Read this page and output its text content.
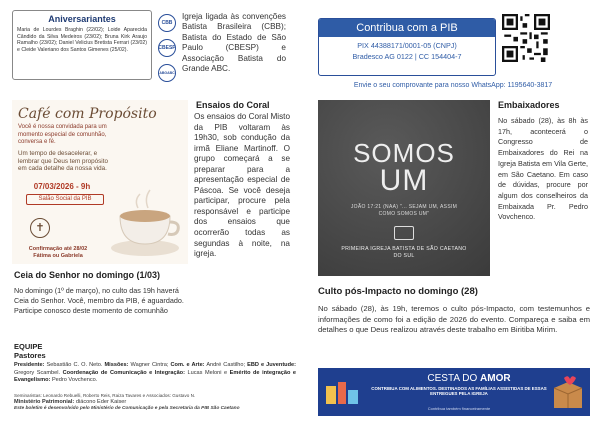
Aniversariantes
Maria de Lourdes Braghin (22/02); Loide Aparecida Cândido da Silva Medeiros (23/02); Bruna Kirk Araujo Ramalho (23/02); Daniel Velicius Bretista Ferrari (23/02) e Cleide Valeriano dos Santos Gimenes (25/02).
CBB
CBESP
ABGABC
Igreja ligada às convenções Batista Brasileira (CBB); Batista do Estado de São Paulo (CBESP) e Associação Batista do Grande ABC.
Café com Propósito
Você é nossa convidada para um momento especial de comunhão, conversa e fé.
Um tempo de desacelerar, e lembrar que Deus tem propósito em cada detalhe da nossa vida.
07/03/2026 - 9h
Salão Social da PIB
✝
Confirmação até 28/02
Fátima ou Gabriela
Ensaios do Coral
Os ensaios do Coral Misto da PIB voltaram às 19h30, sob condução da irmã Eliane Martinoff. O grupo começará a se preparar para a apresentação especial de Páscoa. Se você deseja participar, procure pela responsável e participe dos ensaios que ocorrerão todas as segundas à noite, na igreja.
Ceia do Senhor no domingo (1/03)
No domingo (1º de março), no culto das 19h haverá Ceia do Senhor. Você, membro da PIB, é aguardado. Participe conosco deste momento de comunhão
EQUIPE
Pastores
Presidente: Sebastião C. O. Neto. Missões: Wagner Cintra; Com. e Arte: André Castilho; EBD e Juventude: Gregory Scambel. Coordenação de Comunicação e Integração: Lucas Meloni e Emérito de integração e Evangelismo: Pedro Vovchenco.
Seminaristas: Leonardo Rebuelli, Roberto Reis, Raiza Tavares e Associados: Gustavo N.
Ministério Patrimonial: diácono Eder Kaiser
Este boletim é desenvolvido pelo Ministério de Comunicação e pela Secretaria da PIB São Caetano
Contribua com a PIB
PIX 44388171/0001-05 (CNPJ)
Bradesco AG 0122 | CC 154404-7
Envie o seu comprovante para nosso WhatsApp: 1195640-3817
SOMOS
UM
JOÃO 17:21 (NAA) "... SEJAM UM, ASSIM COMO SOMOS UM"
PRIMEIRA IGREJA BATISTA DE SÃO CAETANO DO SUL
Embaixadores
No sábado (28), às 8h às 17h, acontecerá o Congresso de Embaixadores do Rei na Igreja Batista em Vila Gerte, em São Caetano. Em caso de dúvidas, procure por algum dos conselheiros da Embaixada Pr. Pedro Vovchenco.
Culto pós-Impacto no domingo (28)
No sábado (28), às 19h, teremos o culto pós-Impacto, com testemunhos e informações de como foi a edição de 2026 do evento. Compareça e saiba em detalhes o que Deus realizou através deste trabalho em Biritiba Mirim.
CESTA DO AMOR
CONTRIBUA COM ALIMENTOS. DESTINADOS AS FAMÍLIAS ASSISTIDAS DE ESSAS ENTREGUES PELA IGREJA
Contribua também financeiramente
